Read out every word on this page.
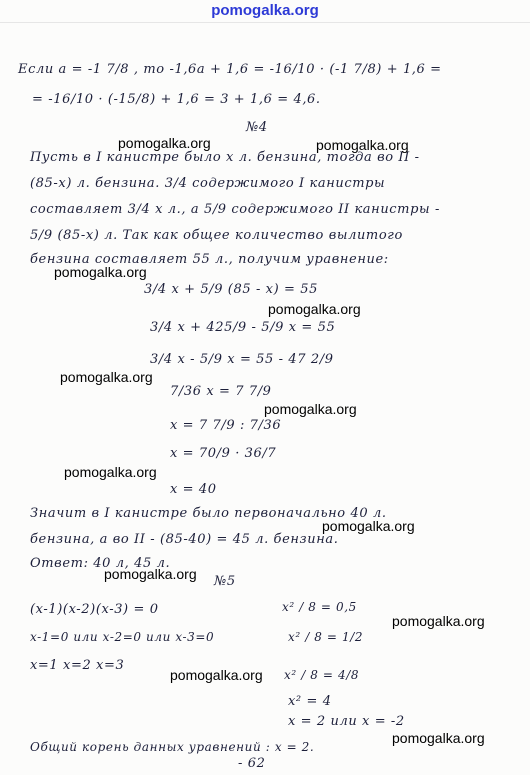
pomogalka.org
Если a = -1 7/8 , то -1,6a + 1,6 = -16/10 · (-1 7/8) + 1,6 =
= -16/10 · (-15/8) + 1,6 = 3 + 1,6 = 4,6.
№4
Пусть в I канистре было x л. бензина, тогда во II -
(85-x) л. бензина. 3/4 содержимого I канистры
составляет 3/4 x л., а 5/9 содержимого II канистры -
5/9 (85-x) л. Так как общее количество вылитого
бензина составляет 55 л., получим уравнение:
3/4 x + 5/9 (85 - x) = 55
3/4 x + 425/9 - 5/9 x = 55
3/4 x - 5/9 x = 55 - 47 2/9
7/36 x = 7 7/9
x = 7 7/9 : 7/36
x = 70/9 · 36/7
x = 40
Значит в I канистре было первоначально 40 л.
бензина, а во II - (85-40) = 45 л. бензина.
Ответ: 40 л, 45 л.
№5
(x-1)(x-2)(x-3) = 0	x² / 8 = 0,5
x-1=0 или x-2=0 или x-3=0	x² / 8 = 1/2
x=1 x=2 x=3
x² / 8 = 4/8
x² = 4
x = 2 или x = -2
Общий корень данных уравнений : x = 2.
- 62
pomogalka.org	pomogalka.org
pomogalka.org
pomogalka.org
pomogalka.org
pomogalka.org
pomogalka.org
pomogalka.org
pomogalka.org
pomogalka.org
pomogalka.org
pomogalka.org
